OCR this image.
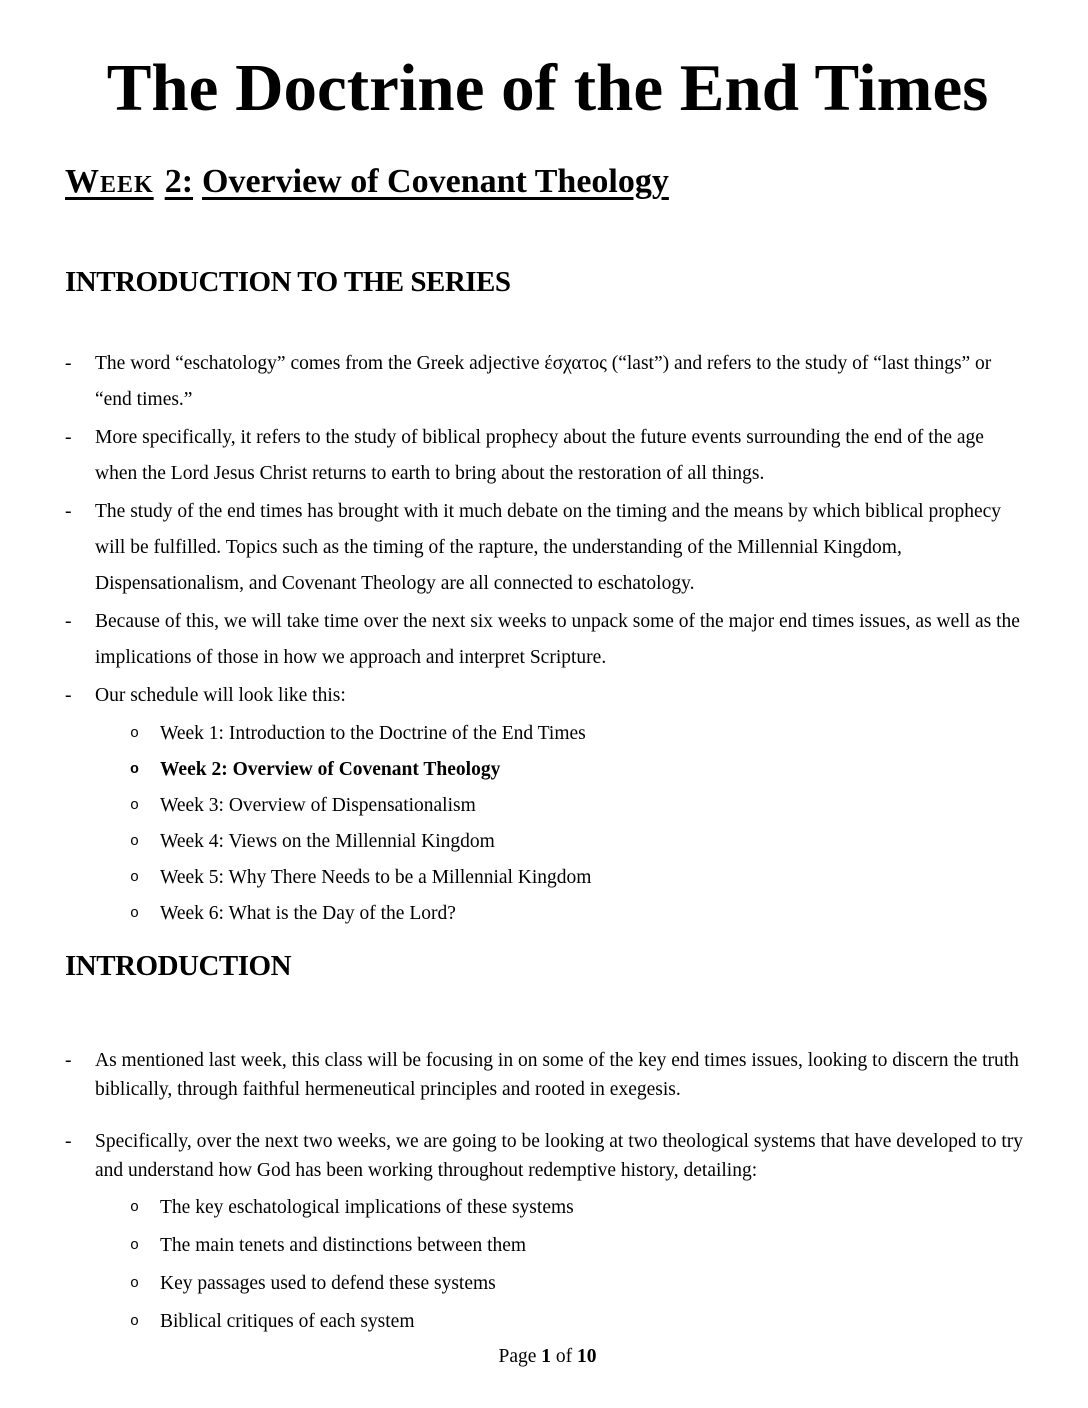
The Doctrine of the End Times
Week 2: Overview of Covenant Theology
INTRODUCTION TO THE SERIES
-	The word “eschatology” comes from the Greek adjective έσχατος (“last”) and refers to the study of “last things” or “end times.”
-	More specifically, it refers to the study of biblical prophecy about the future events surrounding the end of the age when the Lord Jesus Christ returns to earth to bring about the restoration of all things.
-	The study of the end times has brought with it much debate on the timing and the means by which biblical prophecy will be fulfilled. Topics such as the timing of the rapture, the understanding of the Millennial Kingdom, Dispensationalism, and Covenant Theology are all connected to eschatology.
-	Because of this, we will take time over the next six weeks to unpack some of the major end times issues, as well as the implications of those in how we approach and interpret Scripture.
-	Our schedule will look like this:
o	Week 1: Introduction to the Doctrine of the End Times
o	Week 2: Overview of Covenant Theology
o	Week 3: Overview of Dispensationalism
o	Week 4: Views on the Millennial Kingdom
o	Week 5: Why There Needs to be a Millennial Kingdom
o	Week 6: What is the Day of the Lord?
INTRODUCTION
-	As mentioned last week, this class will be focusing in on some of the key end times issues, looking to discern the truth biblically, through faithful hermeneutical principles and rooted in exegesis.
-	Specifically, over the next two weeks, we are going to be looking at two theological systems that have developed to try and understand how God has been working throughout redemptive history, detailing:
o	The key eschatological implications of these systems
o	The main tenets and distinctions between them
o	Key passages used to defend these systems
o	Biblical critiques of each system
Page 1 of 10
